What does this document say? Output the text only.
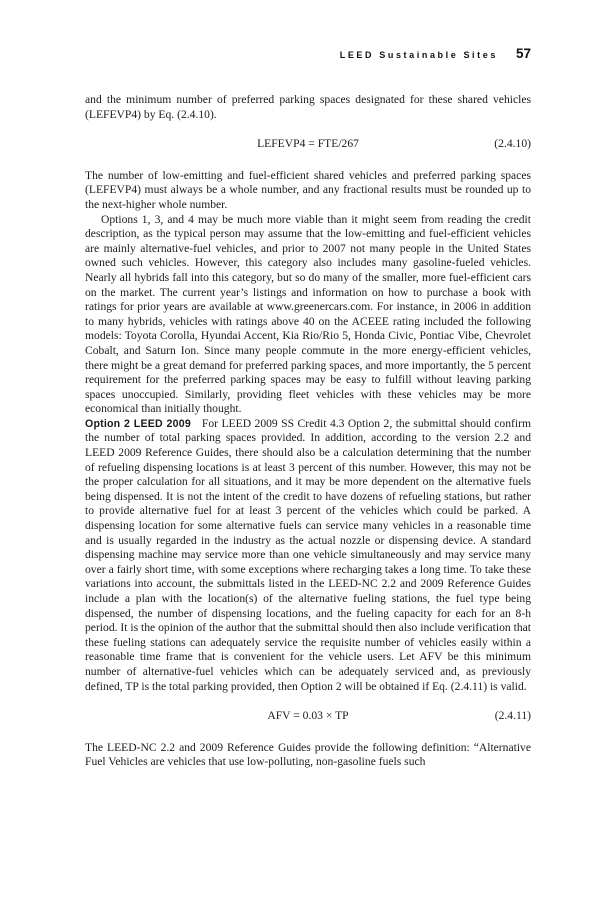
LEED Sustainable Sites 57

and the minimum number of preferred parking spaces designated for these shared vehicles (LEFEVP4) by Eq. (2.4.10).

LEFEVP4 = FTE/267	(2.4.10)

The number of low-emitting and fuel-efficient shared vehicles and preferred parking spaces (LEFEVP4) must always be a whole number, and any fractional results must be rounded up to the next-higher whole number.

Options 1, 3, and 4 may be much more viable than it might seem from reading the credit description, as the typical person may assume that the low-emitting and fuel-efficient vehicles are mainly alternative-fuel vehicles, and prior to 2007 not many people in the United States owned such vehicles. However, this category also includes many gasoline-fueled vehicles. Nearly all hybrids fall into this category, but so do many of the smaller, more fuel-efficient cars on the market. The current year’s listings and information on how to purchase a book with ratings for prior years are available at www.greenercars.com. For instance, in 2006 in addition to many hybrids, vehicles with ratings above 40 on the ACEEE rating included the following models: Toyota Corolla, Hyundai Accent, Kia Rio/Rio 5, Honda Civic, Pontiac Vibe, Chevrolet Cobalt, and Saturn Ion. Since many people commute in the more energy-efficient vehicles, there might be a great demand for preferred parking spaces, and more importantly, the 5 percent requirement for the preferred parking spaces may be easy to fulfill without leaving parking spaces unoccupied. Similarly, providing fleet vehicles with these vehicles may be more economical than initially thought.

Option 2 LEED 2009 For LEED 2009 SS Credit 4.3 Option 2, the submittal should confirm the number of total parking spaces provided. In addition, according to the version 2.2 and LEED 2009 Reference Guides, there should also be a calculation determining that the number of refueling dispensing locations is at least 3 percent of this number. However, this may not be the proper calculation for all situations, and it may be more dependent on the alternative fuels being dispensed. It is not the intent of the credit to have dozens of refueling stations, but rather to provide alternative fuel for at least 3 percent of the vehicles which could be parked. A dispensing location for some alternative fuels can service many vehicles in a reasonable time and is usually regarded in the industry as the actual nozzle or dispensing device. A standard dispensing machine may service more than one vehicle simultaneously and may service many over a fairly short time, with some exceptions where recharging takes a long time. To take these variations into account, the submittals listed in the LEED-NC 2.2 and 2009 Reference Guides include a plan with the location(s) of the alternative fueling stations, the fuel type being dispensed, the number of dispensing locations, and the fueling capacity for each for an 8-h period. It is the opinion of the author that the submittal should then also include verification that these fueling stations can adequately service the requisite number of vehicles easily within a reasonable time frame that is convenient for the vehicle users. Let AFV be this minimum number of alternative-fuel vehicles which can be adequately serviced and, as previously defined, TP is the total parking provided, then Option 2 will be obtained if Eq. (2.4.11) is valid.

AFV = 0.03 × TP	(2.4.11)

The LEED-NC 2.2 and 2009 Reference Guides provide the following definition: “Alternative Fuel Vehicles are vehicles that use low-polluting, non-gasoline fuels such
